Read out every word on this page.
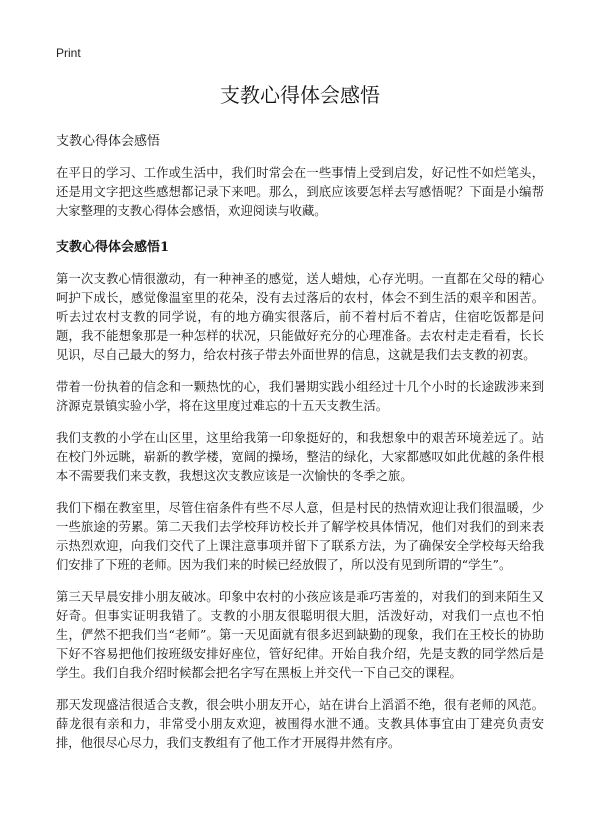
Print
支教心得体会感悟
支教心得体会感悟

在平日的学习、工作或生活中，我们时常会在一些事情上受到启发，好记性不如烂笔头，还是用文字把这些感想都记录下来吧。那么，到底应该要怎样去写感悟呢？下面是小编帮大家整理的支教心得体会感悟，欢迎阅读与收藏。

支教心得体会感悟1

第一次支教心情很激动，有一种神圣的感觉，送人蜡烛，心存光明。一直都在父母的精心呵护下成长，感觉像温室里的花朵，没有去过落后的农村，体会不到生活的艰辛和困苦。听去过农村支教的同学说，有的地方确实很落后，前不着村后不着店，住宿吃饭都是问题，我不能想象那是一种怎样的状况，只能做好充分的心理准备。去农村走走看看，长长见识，尽自己最大的努力，给农村孩子带去外面世界的信息，这就是我们去支教的初衷。

带着一份执着的信念和一颗热忱的心，我们暑期实践小组经过十几个小时的长途跋涉来到济源克景镇实验小学，将在这里度过难忘的十五天支教生活。

我们支教的小学在山区里，这里给我第一印象挺好的，和我想象中的艰苦环境差远了。站在校门外远眺，崭新的教学楼，宽阔的操场，整洁的绿化，大家都感叹如此优越的条件根本不需要我们来支教，我想这次支教应该是一次愉快的冬季之旅。

我们下榻在教室里，尽管住宿条件有些不尽人意，但是村民的热情欢迎让我们很温暖，少一些旅途的劳累。第二天我们去学校拜访校长并了解学校具体情况，他们对我们的到来表示热烈欢迎，向我们交代了上课注意事项并留下了联系方法，为了确保安全学校每天给我们安排了下班的老师。因为我们来的时候已经放假了，所以没有见到所谓的“学生”。

第三天早晨安排小朋友破冰。印象中农村的小孩应该是乖巧害羞的，对我们的到来陌生又好奇。但事实证明我错了。支教的小朋友很聪明很大胆，活泼好动，对我们一点也不怕生，俨然不把我们当“老师”。第一天见面就有很多迟到缺勤的现象，我们在王校长的协助下好不容易把他们按班级安排好座位，管好纪律。开始自我介绍，先是支教的同学然后是学生。我们自我介绍时候都会把名字写在黑板上并交代一下自己交的课程。

那天发现盛洁很适合支教，很会哄小朋友开心，站在讲台上滔滔不绝，很有老师的风范。薛龙很有亲和力，非常受小朋友欢迎，被围得水泄不通。支教具体事宜由丁建亮负责安排，他很尽心尽力，我们支教组有了他工作才开展得井然有序。
